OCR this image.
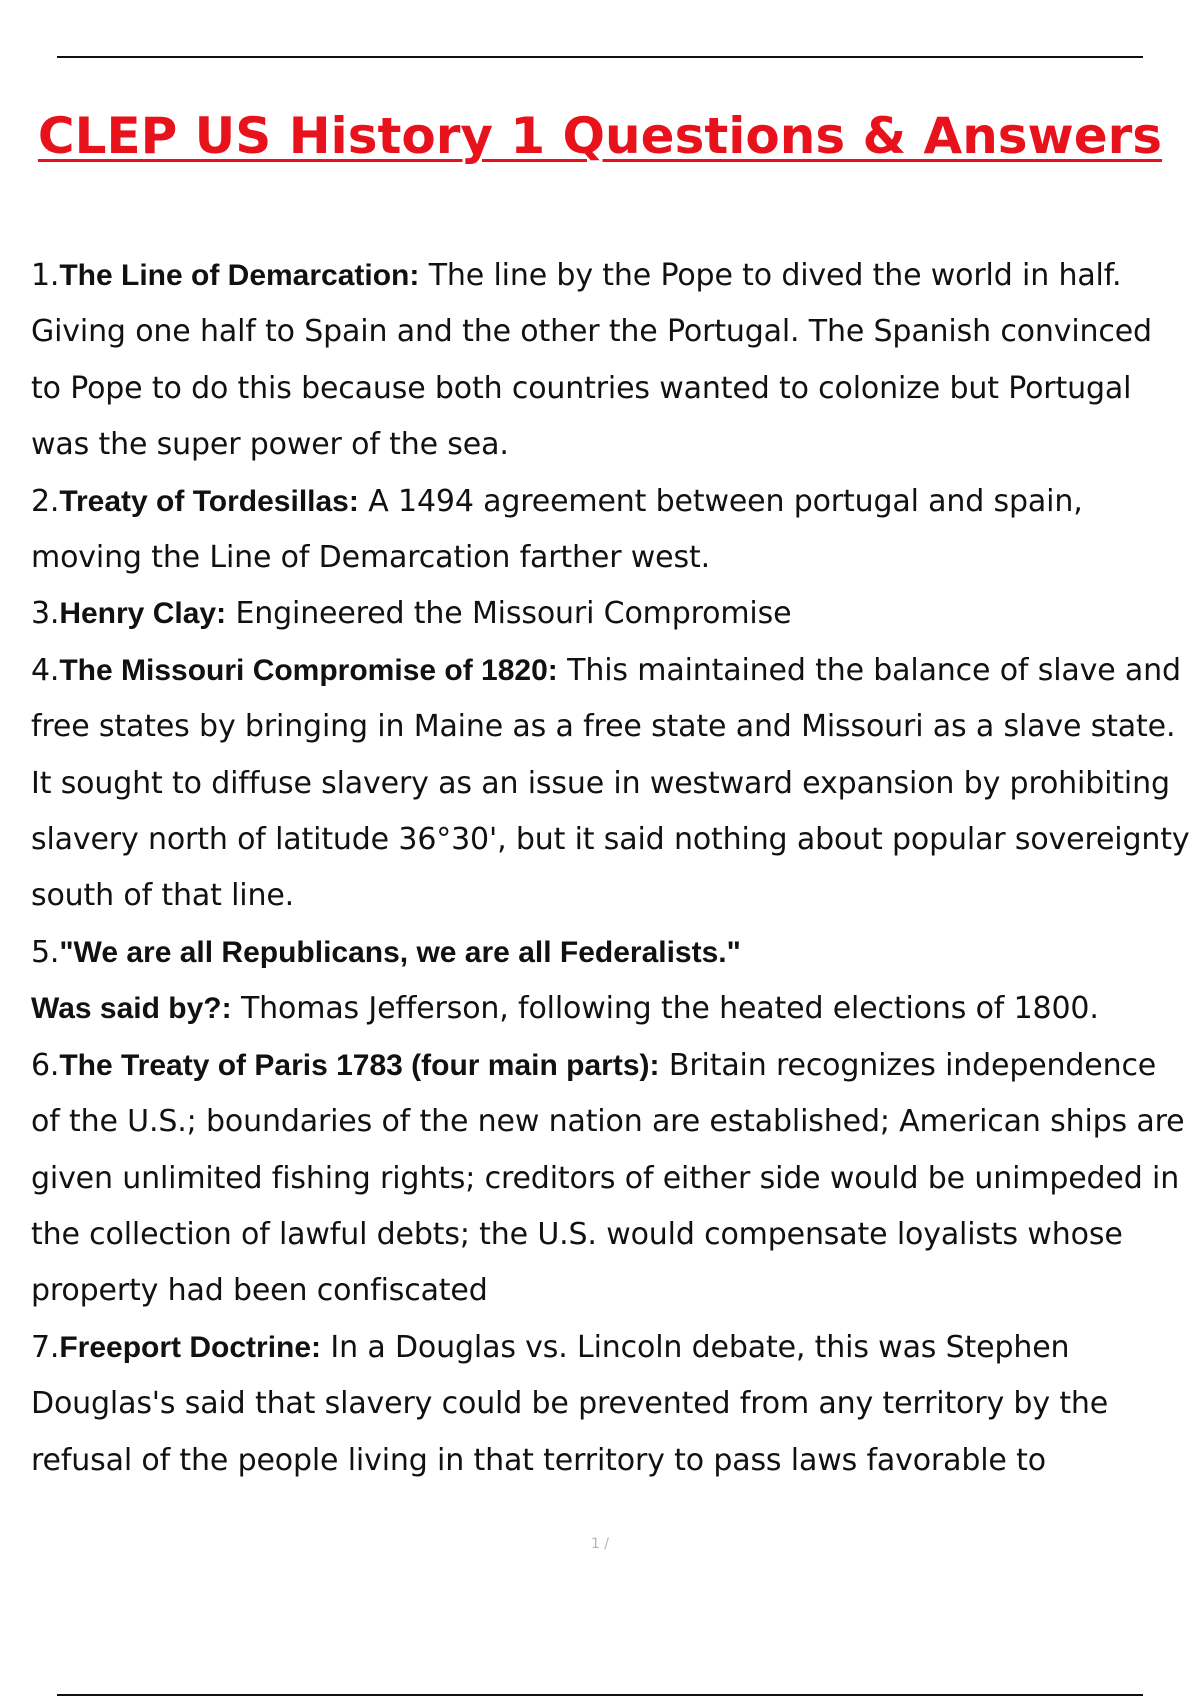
CLEP US History 1 Questions & Answers

1.The Line of Demarcation: The line by the Pope to dived the world in half. Giving one half to Spain and the other the Portugal. The Spanish convinced to Pope to do this because both countries wanted to colonize but Portugal was the super power of the sea.

2.Treaty of Tordesillas: A 1494 agreement between portugal and spain, moving the Line of Demarcation farther west.

3.Henry Clay: Engineered the Missouri Compromise

4.The Missouri Compromise of 1820: This maintained the balance of slave and free states by bringing in Maine as a free state and Missouri as a slave state. It sought to diffuse slavery as an issue in westward expansion by prohibiting slavery north of latitude 36°30', but it said nothing about popular sovereignty south of that line.

5."We are all Republicans, we are all Federalists."

Was said by?: Thomas Jefferson, following the heated elections of 1800.

6.The Treaty of Paris 1783 (four main parts): Britain recognizes independence of the U.S.; boundaries of the new nation are established; American ships are given unlimited fishing rights; creditors of either side would be unimpeded in the collection of lawful debts; the U.S. would compensate loyalists whose property had been confiscated

7.Freeport Doctrine: In a Douglas vs. Lincoln debate, this was Stephen Douglas's said that slavery could be prevented from any territory by the refusal of the people living in that territory to pass laws favorable to

1 /
